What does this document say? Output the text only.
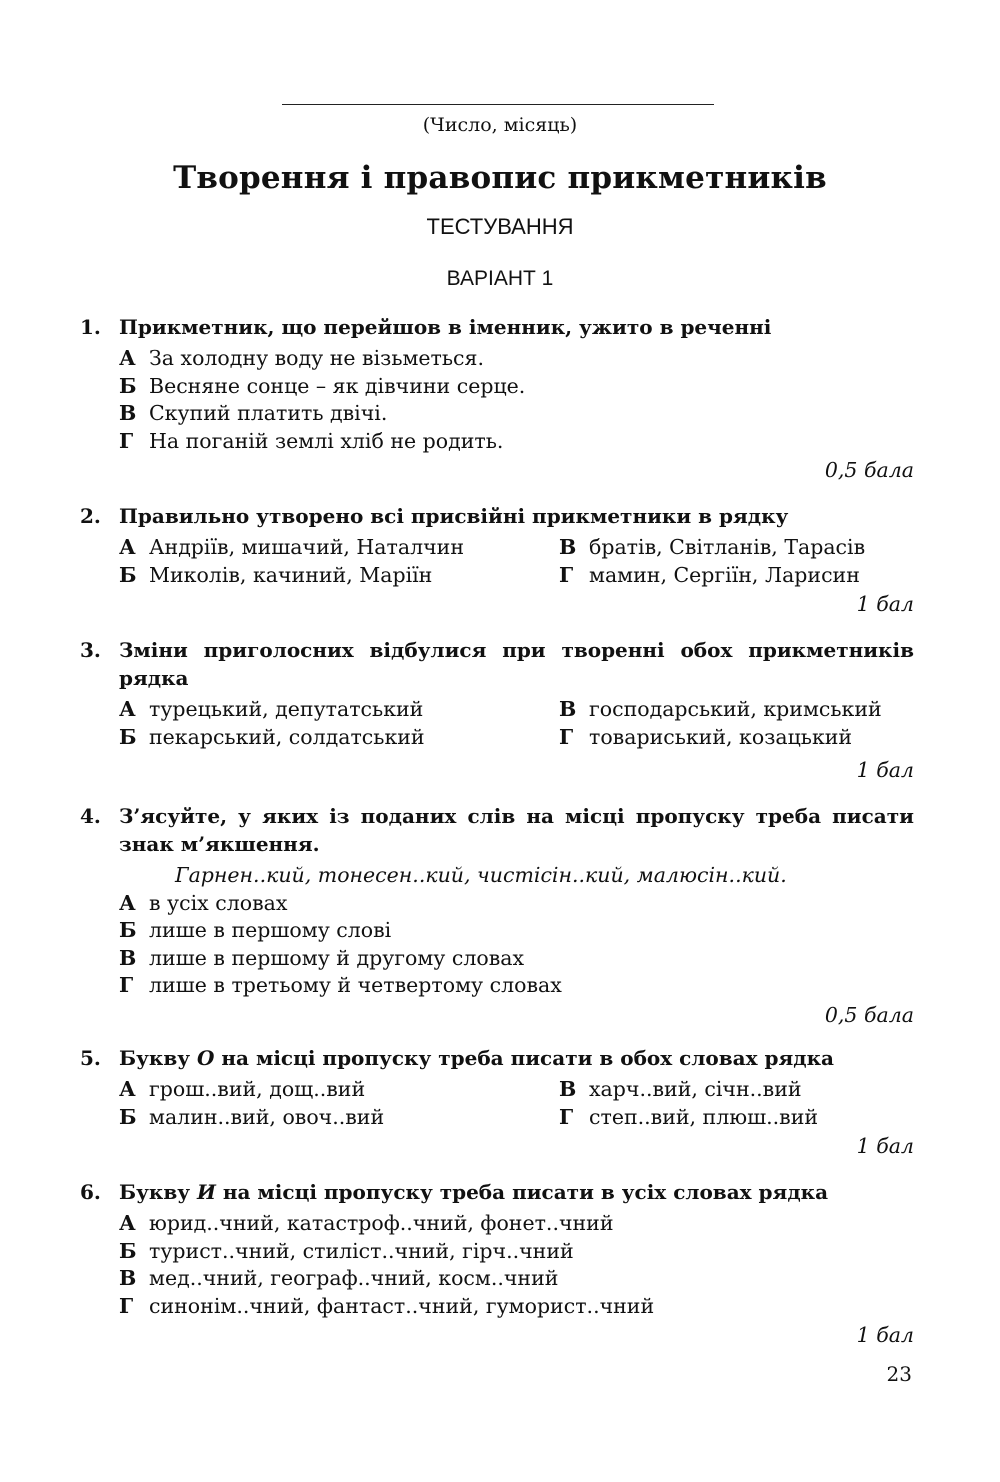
(Число, місяць)
Творення і правопис прикметників
ТЕСТУВАННЯ
ВАРІАНТ 1
1. Прикметник, що перейшов в іменник, ужито в реченні
А За холодну воду не візьметься.
Б Весняне сонце – як дівчини серце.
В Скупий платить двічі.
Г На поганій землі хліб не родить.
0,5 бала
2. Правильно утворено всі присвійні прикметники в рядку
А Андріїв, мишачий, Наталчин	В братів, Світланів, Тарасів
Б Миколів, качиний, Маріїн	Г мамин, Сергіїн, Ларисин
1 бал
3. Зміни приголосних відбулися при творенні обох прикметників рядка
А турецький, депутатський	В господарський, кримський
Б пекарський, солдатський	Г товариський, козацький
1 бал
4. З’ясуйте, у яких із поданих слів на місці пропуску треба писати знак м’якшення.
Гарнен..кий, тонесен..кий, чистісін..кий, малюсін..кий.
А в усіх словах
Б лише в першому слові
В лише в першому й другому словах
Г лише в третьому й четвертому словах
0,5 бала
5. Букву О на місці пропуску треба писати в обох словах рядка
А грош..вий, дощ..вий	В харч..вий, січн..вий
Б малин..вий, овоч..вий	Г степ..вий, плюш..вий
1 бал
6. Букву И на місці пропуску треба писати в усіх словах рядка
А юрид..чний, катастроф..чний, фонет..чний
Б турист..чний, стиліст..чний, гірч..чний
В мед..чний, географ..чний, косм..чний
Г синонім..чний, фантаст..чний, гуморист..чний
1 бал
23
